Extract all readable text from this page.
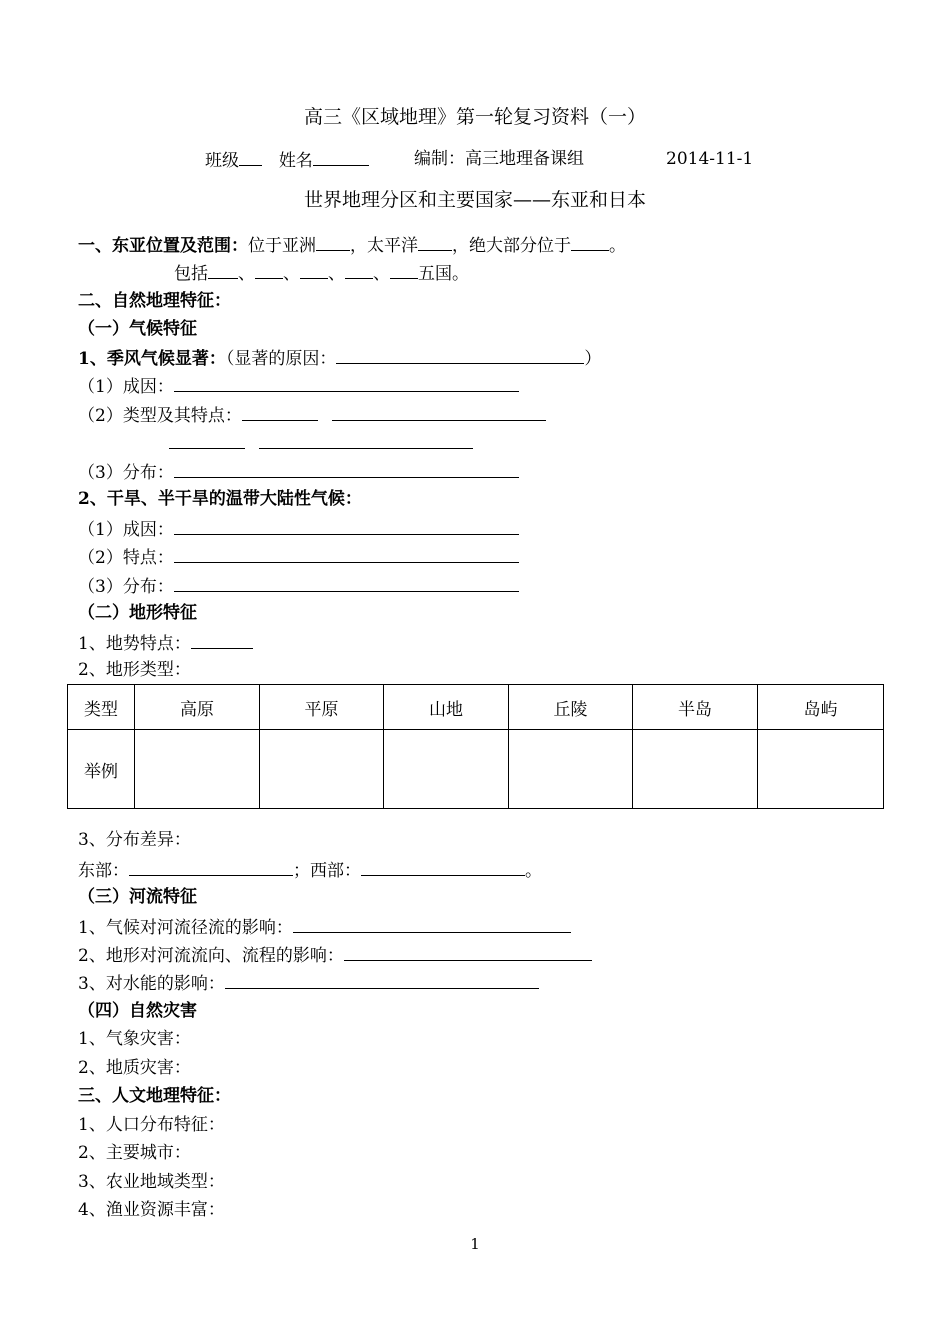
高三《区域地理》第一轮复习资料（一）
班级 姓名	编制：高三地理备课组	2014-11-1
世界地理分区和主要国家——东亚和日本
一、东亚位置及范围：位于亚洲 ，太平洋 ，绝大部分位于 。
包括 、 、 、 、 五国。
二、自然地理特征：
（一）气候特征
1、季风气候显著：（显著的原因：	）
（1）成因：
（2）类型及其特点：
（3）分布：
2、干旱、半干旱的温带大陆性气候：
（1）成因：
（2）特点：
（3）分布：
（二）地形特征
1、地势特点：
2、地形类型：
类型	高原	平原	山地	丘陵	半岛	岛屿
举例						
3、分布差异：
东部：	；西部：	。
（三）河流特征
1、气候对河流径流的影响：
2、地形对河流流向、流程的影响：
3、对水能的影响：
（四）自然灾害
1、气象灾害：
2、地质灾害：
三、人文地理特征：
1、人口分布特征：
2、主要城市：
3、农业地域类型：
4、渔业资源丰富：
1
